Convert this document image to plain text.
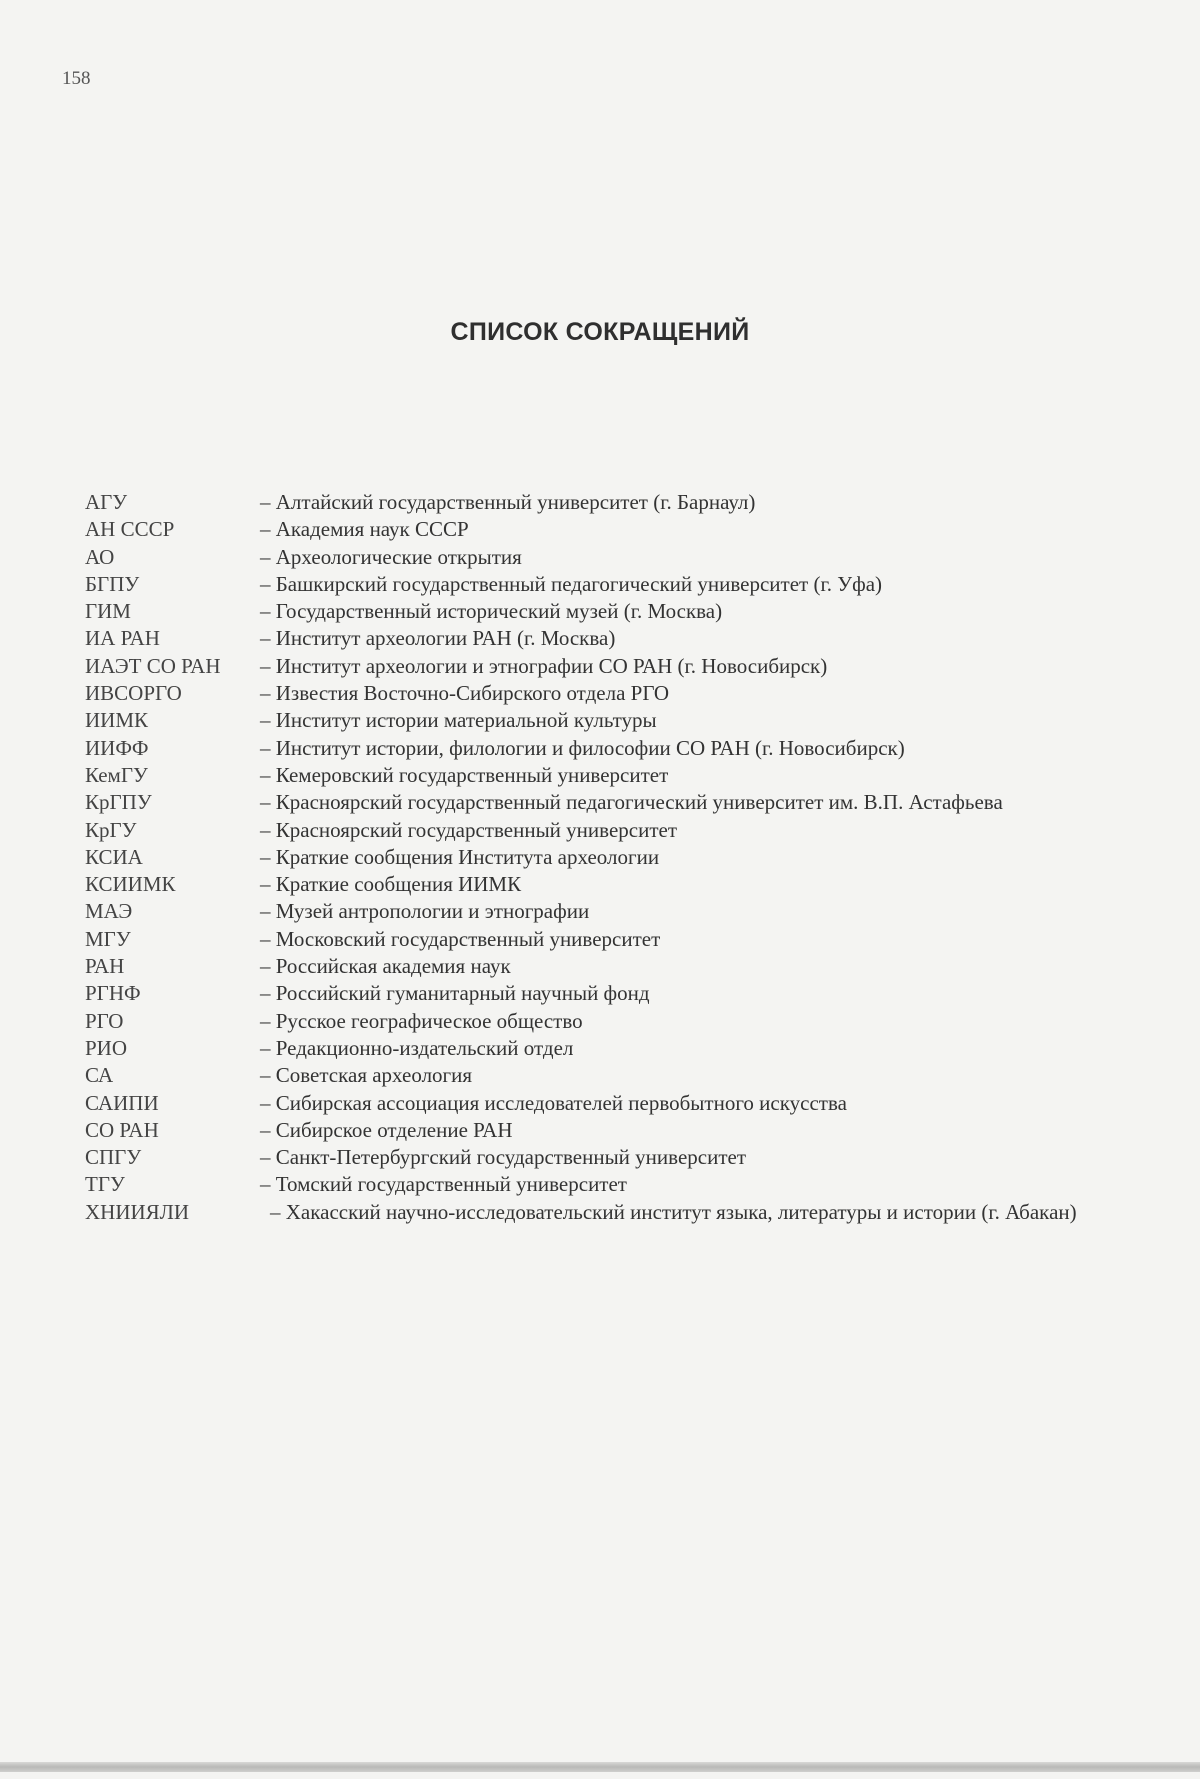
158
СПИСОК СОКРАЩЕНИЙ
АГУ	– Алтайский государственный университет (г. Барнаул)
АН СССР	– Академия наук СССР
АО	– Археологические открытия
БГПУ	– Башкирский государственный педагогический университет (г. Уфа)
ГИМ	– Государственный исторический музей (г. Москва)
ИА РАН	– Институт археологии РАН (г. Москва)
ИАЭТ СО РАН	– Институт археологии и этнографии СО РАН (г. Новосибирск)
ИВСОРГО	– Известия Восточно-Сибирского отдела РГО
ИИМК	– Институт истории материальной культуры
ИИФФ	– Институт истории, филологии и философии СО РАН (г. Новосибирск)
КемГУ	– Кемеровский государственный университет
КрГПУ	– Красноярский государственный педагогический университет им. В.П. Астафьева
КрГУ	– Красноярский государственный университет
КСИА	– Краткие сообщения Института археологии
КСИИМК	– Краткие сообщения ИИМК
МАЭ	– Музей антропологии и этнографии
МГУ	– Московский государственный университет
РАН	– Российская академия наук
РГНФ	– Российский гуманитарный научный фонд
РГО	– Русское географическое общество
РИО	– Редакционно-издательский отдел
СА	– Советская археология
САИПИ	– Сибирская ассоциация исследователей первобытного искусства
СО РАН	– Сибирское отделение РАН
СПГУ	– Санкт-Петербургский государственный университет
ТГУ	– Томский государственный университет
ХНИИЯЛИ	– Хакасский научно-исследовательский институт языка, литературы и истории (г. Абакан)
